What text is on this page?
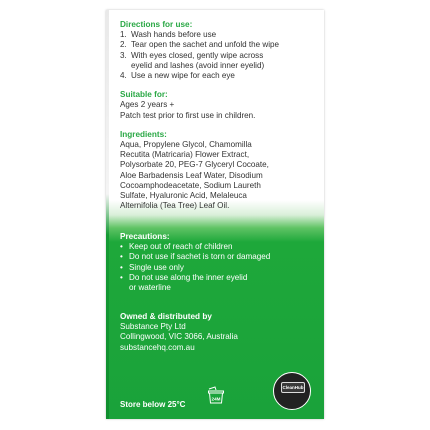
Directions for use:

1. Wash hands before use
2. Tear open the sachet and unfold the wipe
3. With eyes closed, gently wipe across
eyelid and lashes (avoid inner eyelid)
4. Use a new wipe for each eye

Suitable for:

Ages 2 years +
Patch test prior to first use in children.

Ingredients:

Aqua, Propylene Glycol, Chamomilla
Recutita (Matricaria) Flower Extract,
Polysorbate 20, PEG-7 Glyceryl Cocoate,
Aloe Barbadensis Leaf Water, Disodium
Cocoamphodeacetate, Sodium Laureth
Sulfate, Hyaluronic Acid, Melaleuca
Alternifolia (Tea Tree) Leaf Oil.

Precautions:

• Keep out of reach of children
• Do not use if sachet is torn or damaged
• Single use only
• Do not use along the inner eyelid
or waterline

Owned & distributed by

Substance Pty Ltd
Collingwood, VIC 3066, Australia
substancehq.com.au
Store below 25°C
24M
CleanHub
